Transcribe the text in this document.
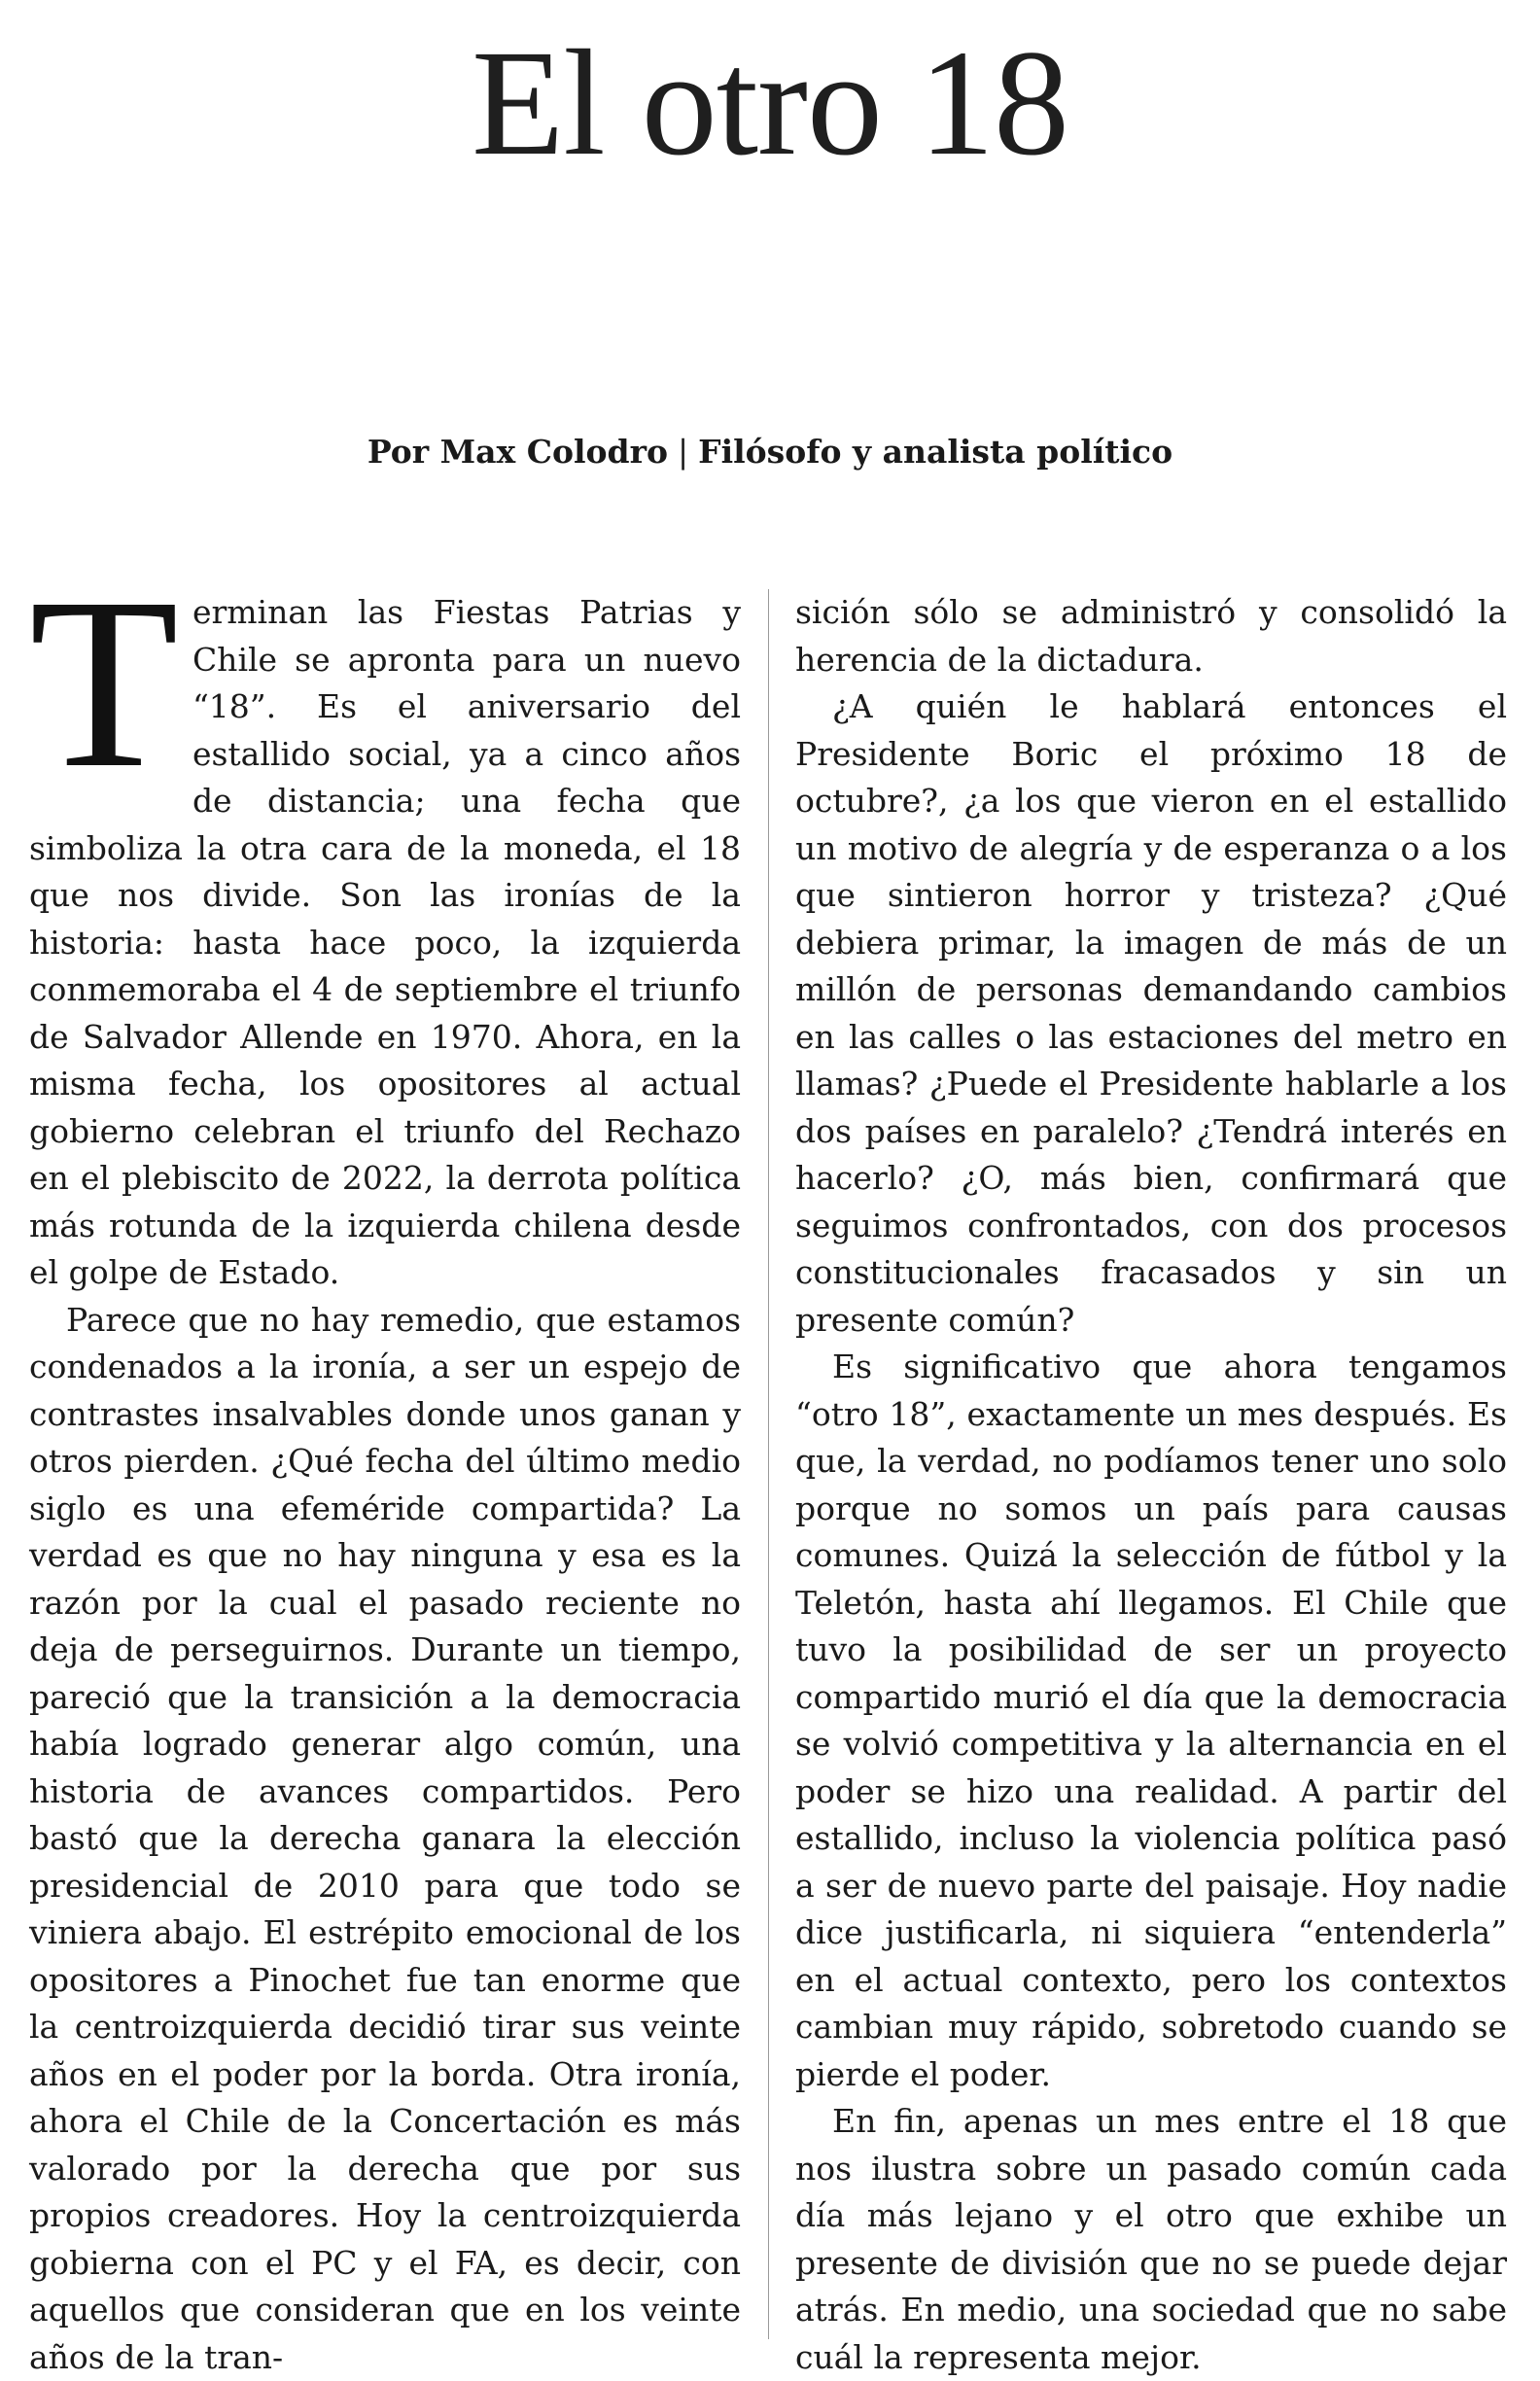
El otro 18
Por Max Colodro | Filósofo y analista político

Terminan las Fiestas Patrias y Chile se apronta para un nuevo “18”. Es el aniversario del estallido social, ya a cinco años de distancia; una fecha que simboliza la otra cara de la moneda, el 18 que nos divide. Son las ironías de la historia: hasta hace poco, la izquierda conmemoraba el 4 de septiembre el triunfo de Salvador Allende en 1970. Ahora, en la misma fecha, los opositores al actual gobierno celebran el triunfo del Rechazo en el plebiscito de 2022, la derrota política más rotunda de la izquierda chilena desde el golpe de Estado.

Parece que no hay remedio, que estamos condenados a la ironía, a ser un espejo de contrastes insalvables donde unos ganan y otros pierden. ¿Qué fecha del último medio siglo es una efeméride compartida? La verdad es que no hay ninguna y esa es la razón por la cual el pasado reciente no deja de perseguirnos. Durante un tiempo, pareció que la transición a la democracia había logrado generar algo común, una historia de avances compartidos. Pero bastó que la derecha ganara la elección presidencial de 2010 para que todo se viniera abajo. El estrépito emocional de los opositores a Pinochet fue tan enorme que la centroizquierda decidió tirar sus veinte años en el poder por la borda. Otra ironía, ahora el Chile de la Concertación es más valorado por la derecha que por sus propios creadores. Hoy la centroizquierda gobierna con el PC y el FA, es decir, con aquellos que consideran que en los veinte años de la tran-

sición sólo se administró y consolidó la herencia de la dictadura.

¿A quién le hablará entonces el Presidente Boric el próximo 18 de octubre?, ¿a los que vieron en el estallido un motivo de alegría y de esperanza o a los que sintieron horror y tristeza? ¿Qué debiera primar, la imagen de más de un millón de personas demandando cambios en las calles o las estaciones del metro en llamas? ¿Puede el Presidente hablarle a los dos países en paralelo? ¿Tendrá interés en hacerlo? ¿O, más bien, confirmará que seguimos confrontados, con dos procesos constitucionales fracasados y sin un presente común?

Es significativo que ahora tengamos “otro 18”, exactamente un mes después. Es que, la verdad, no podíamos tener uno solo porque no somos un país para causas comunes. Quizá la selección de fútbol y la Teletón, hasta ahí llegamos. El Chile que tuvo la posibilidad de ser un proyecto compartido murió el día que la democracia se volvió competitiva y la alternancia en el poder se hizo una realidad. A partir del estallido, incluso la violencia política pasó a ser de nuevo parte del paisaje. Hoy nadie dice justificarla, ni siquiera “entenderla” en el actual contexto, pero los contextos cambian muy rápido, sobretodo cuando se pierde el poder.

En fin, apenas un mes entre el 18 que nos ilustra sobre un pasado común cada día más lejano y el otro que exhibe un presente de división que no se puede dejar atrás. En medio, una sociedad que no sabe cuál la representa mejor.
